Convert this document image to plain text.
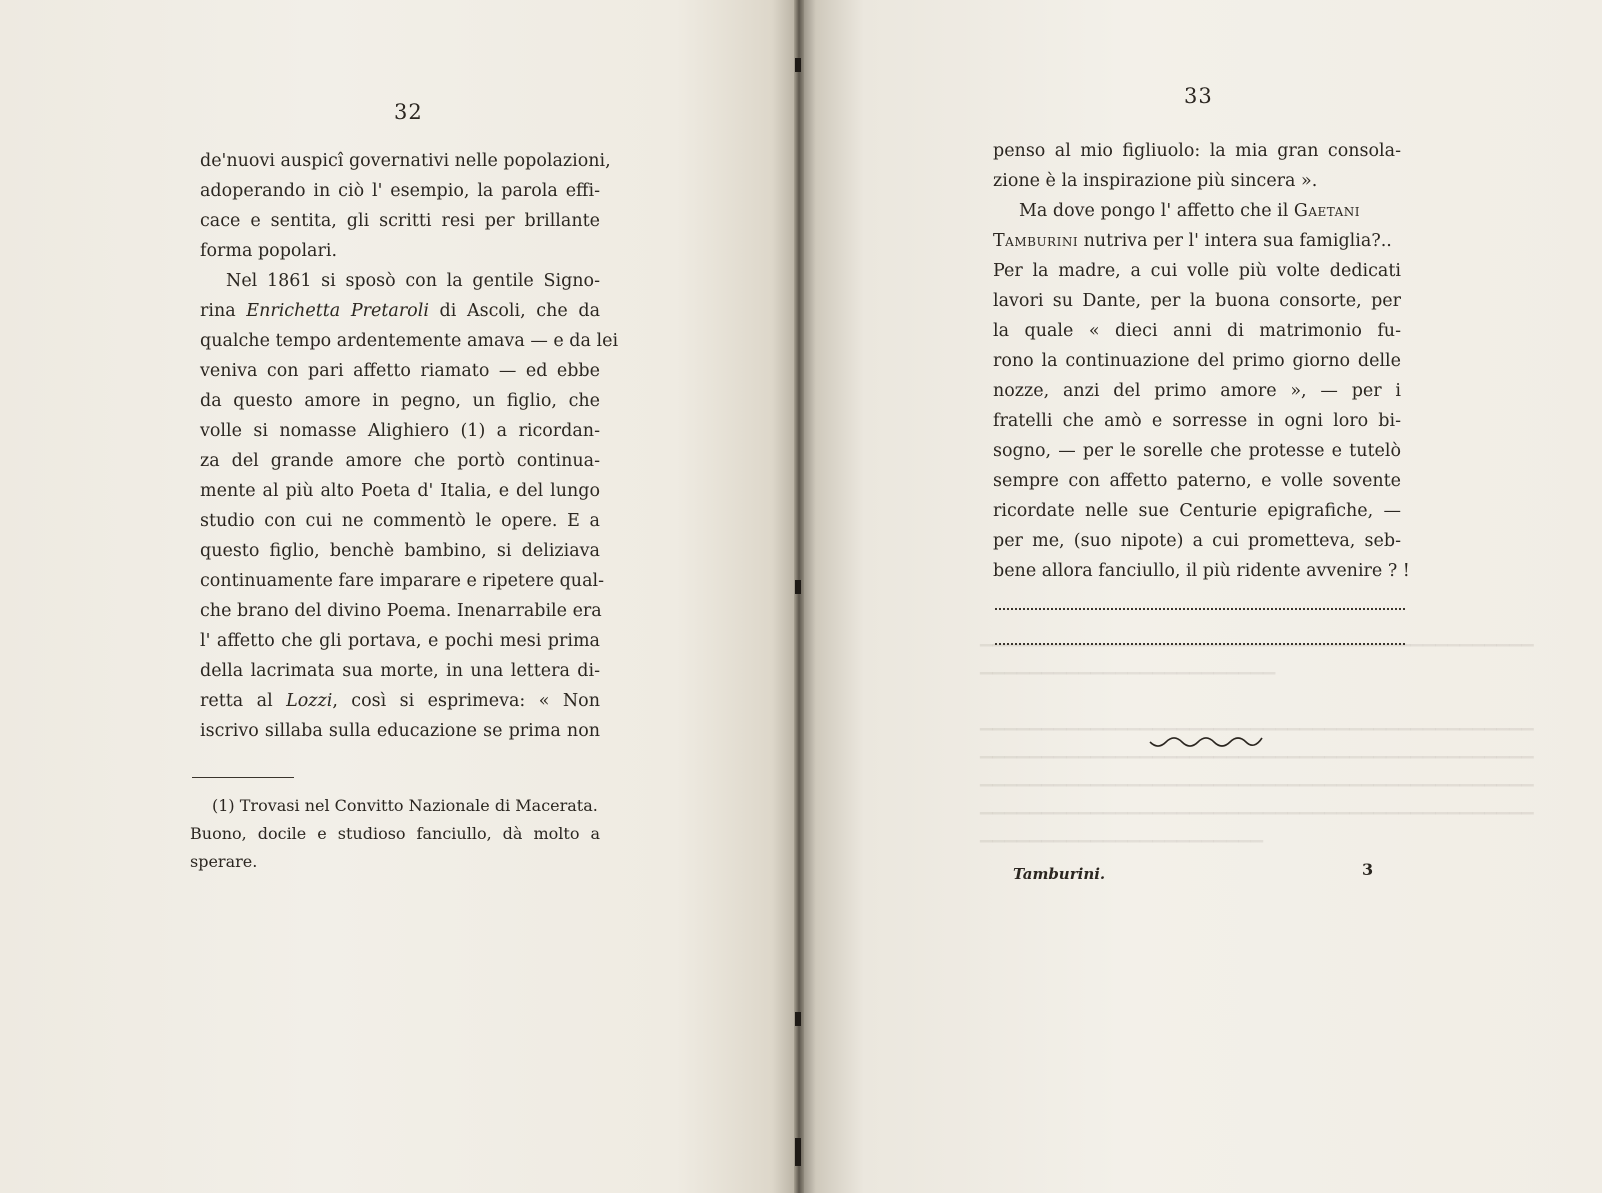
▔▔▔▔▔▔▔▔▔▔▔▔▔▔▔▔▔▔▔▔▔▔▔▔▔▔▔▔▔▔▔▔▔▔▔▔▔▔▔▔▔▔▔▔▔
▔▔▔▔▔▔▔▔▔▔▔▔▔▔▔▔▔▔▔▔▔▔▔▔

▔▔▔▔▔▔▔▔▔▔▔▔▔▔▔▔▔▔▔▔▔▔▔▔▔▔▔▔▔▔▔▔▔▔▔▔▔▔▔▔▔▔▔▔▔
▔▔▔▔▔▔▔▔▔▔▔▔▔▔▔▔▔▔▔▔▔▔▔▔▔▔▔▔▔▔▔▔▔▔▔▔▔▔▔▔▔▔▔▔▔
▔▔▔▔▔▔▔▔▔▔▔▔▔▔▔▔▔▔▔▔▔▔▔▔▔▔▔▔▔▔▔▔▔▔▔▔▔▔▔▔▔▔▔▔▔
▔▔▔▔▔▔▔▔▔▔▔▔▔▔▔▔▔▔▔▔▔▔▔▔▔▔▔▔▔▔▔▔▔▔▔▔▔▔▔▔▔▔▔▔▔
▔▔▔▔▔▔▔▔▔▔▔▔▔▔▔▔▔▔▔▔▔▔▔
32
de'nuovi auspicî governativi nelle popolazioni,
adoperando in ciò l' esempio, la parola effi-
cace e sentita, gli scritti resi per brillante
forma popolari.
Nel 1861 si sposò con la gentile Signo-
rina Enrichetta Pretaroli di Ascoli, che da
qualche tempo ardentemente amava — e da lei
veniva con pari affetto riamato — ed ebbe
da questo amore in pegno, un figlio, che
volle si nomasse Alighiero (1) a ricordan-
za del grande amore che portò continua-
mente al più alto Poeta d' Italia, e del lungo
studio con cui ne commentò le opere. E a
questo figlio, benchè bambino, si deliziava
continuamente fare imparare e ripetere qual-
che brano del divino Poema. Inenarrabile era
l' affetto che gli portava, e pochi mesi prima
della lacrimata sua morte, in una lettera di-
retta al Lozzi, così si esprimeva: « Non
iscrivo sillaba sulla educazione se prima non
(1) Trovasi nel Convitto Nazionale di Macerata.
Buono, docile e studioso fanciullo, dà molto a
sperare.
33
penso al mio figliuolo: la mia gran consola-
zione è la inspirazione più sincera ».
Ma dove pongo l' affetto che il Gaetani
Tamburini nutriva per l' intera sua famiglia?..
Per la madre, a cui volle più volte dedicati
lavori su Dante, per la buona consorte, per
la quale « dieci anni di matrimonio fu-
rono la continuazione del primo giorno delle
nozze, anzi del primo amore », — per i
fratelli che amò e sorresse in ogni loro bi-
sogno, — per le sorelle che protesse e tutelò
sempre con affetto paterno, e volle sovente
ricordate nelle sue Centurie epigrafiche, —
per me, (suo nipote) a cui prometteva, seb-
bene allora fanciullo, il più ridente avvenire ? !
Tamburini.	3
